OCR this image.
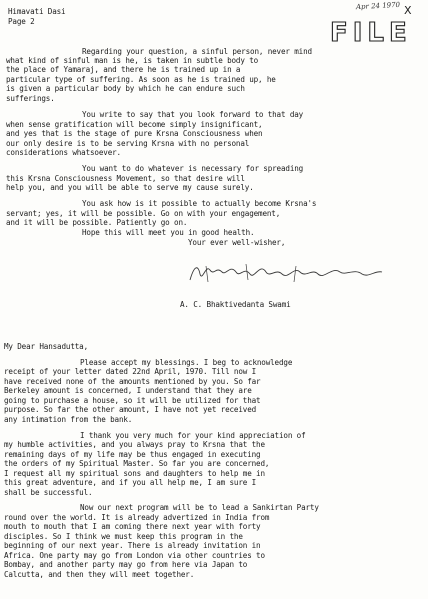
Apr 24 1970 X
FILE
Himavati Dasi
Page 2
Regarding your question, a sinful person, never mind
what kind of sinful man is he, is taken in subtle body to
the place of Yamaraj, and there he is trained up in a
particular type of suffering. As soon as he is trained up, he
is given a particular body by which he can endure such
sufferings.
You write to say that you look forward to that day
when sense gratification will become simply insignificant,
and yes that is the stage of pure Krsna Consciousness when
our only desire is to be serving Krsna with no personal
considerations whatsoever.
You want to do whatever is necessary for spreading
this Krsna Consciousness Movement, so that desire will
help you, and you will be able to serve my cause surely.
You ask how is it possible to actually become Krsna's
servant; yes, it will be possible. Go on with your engagement,
and it will be possible. Patiently go on.
Hope this will meet you in good health.
Your ever well-wisher,
A. C. Bhaktivedanta Swami
My Dear Hansadutta,
Please accept my blessings. I beg to acknowledge
receipt of your letter dated 22nd April, 1970. Till now I
have received none of the amounts mentioned by you. So far
Berkeley amount is concerned, I understand that they are
going to purchase a house, so it will be utilized for that
purpose. So far the other amount, I have not yet received
any intimation from the bank.
I thank you very much for your kind appreciation of
my humble activities, and you always pray to Krsna that the
remaining days of my life may be thus engaged in executing
the orders of my Spiritual Master. So far you are concerned,
I request all my spiritual sons and daughters to help me in
this great adventure, and if you all help me, I am sure I
shall be successful.
Now our next program will be to lead a Sankirtan Party
round over the world. It is already advertized in India from
mouth to mouth that I am coming there next year with forty
disciples. So I think we must keep this program in the
beginning of our next year. There is already invitation in
Africa. One party may go from London via other countries to
Bombay, and another party may go from here via Japan to
Calcutta, and then they will meet together.
